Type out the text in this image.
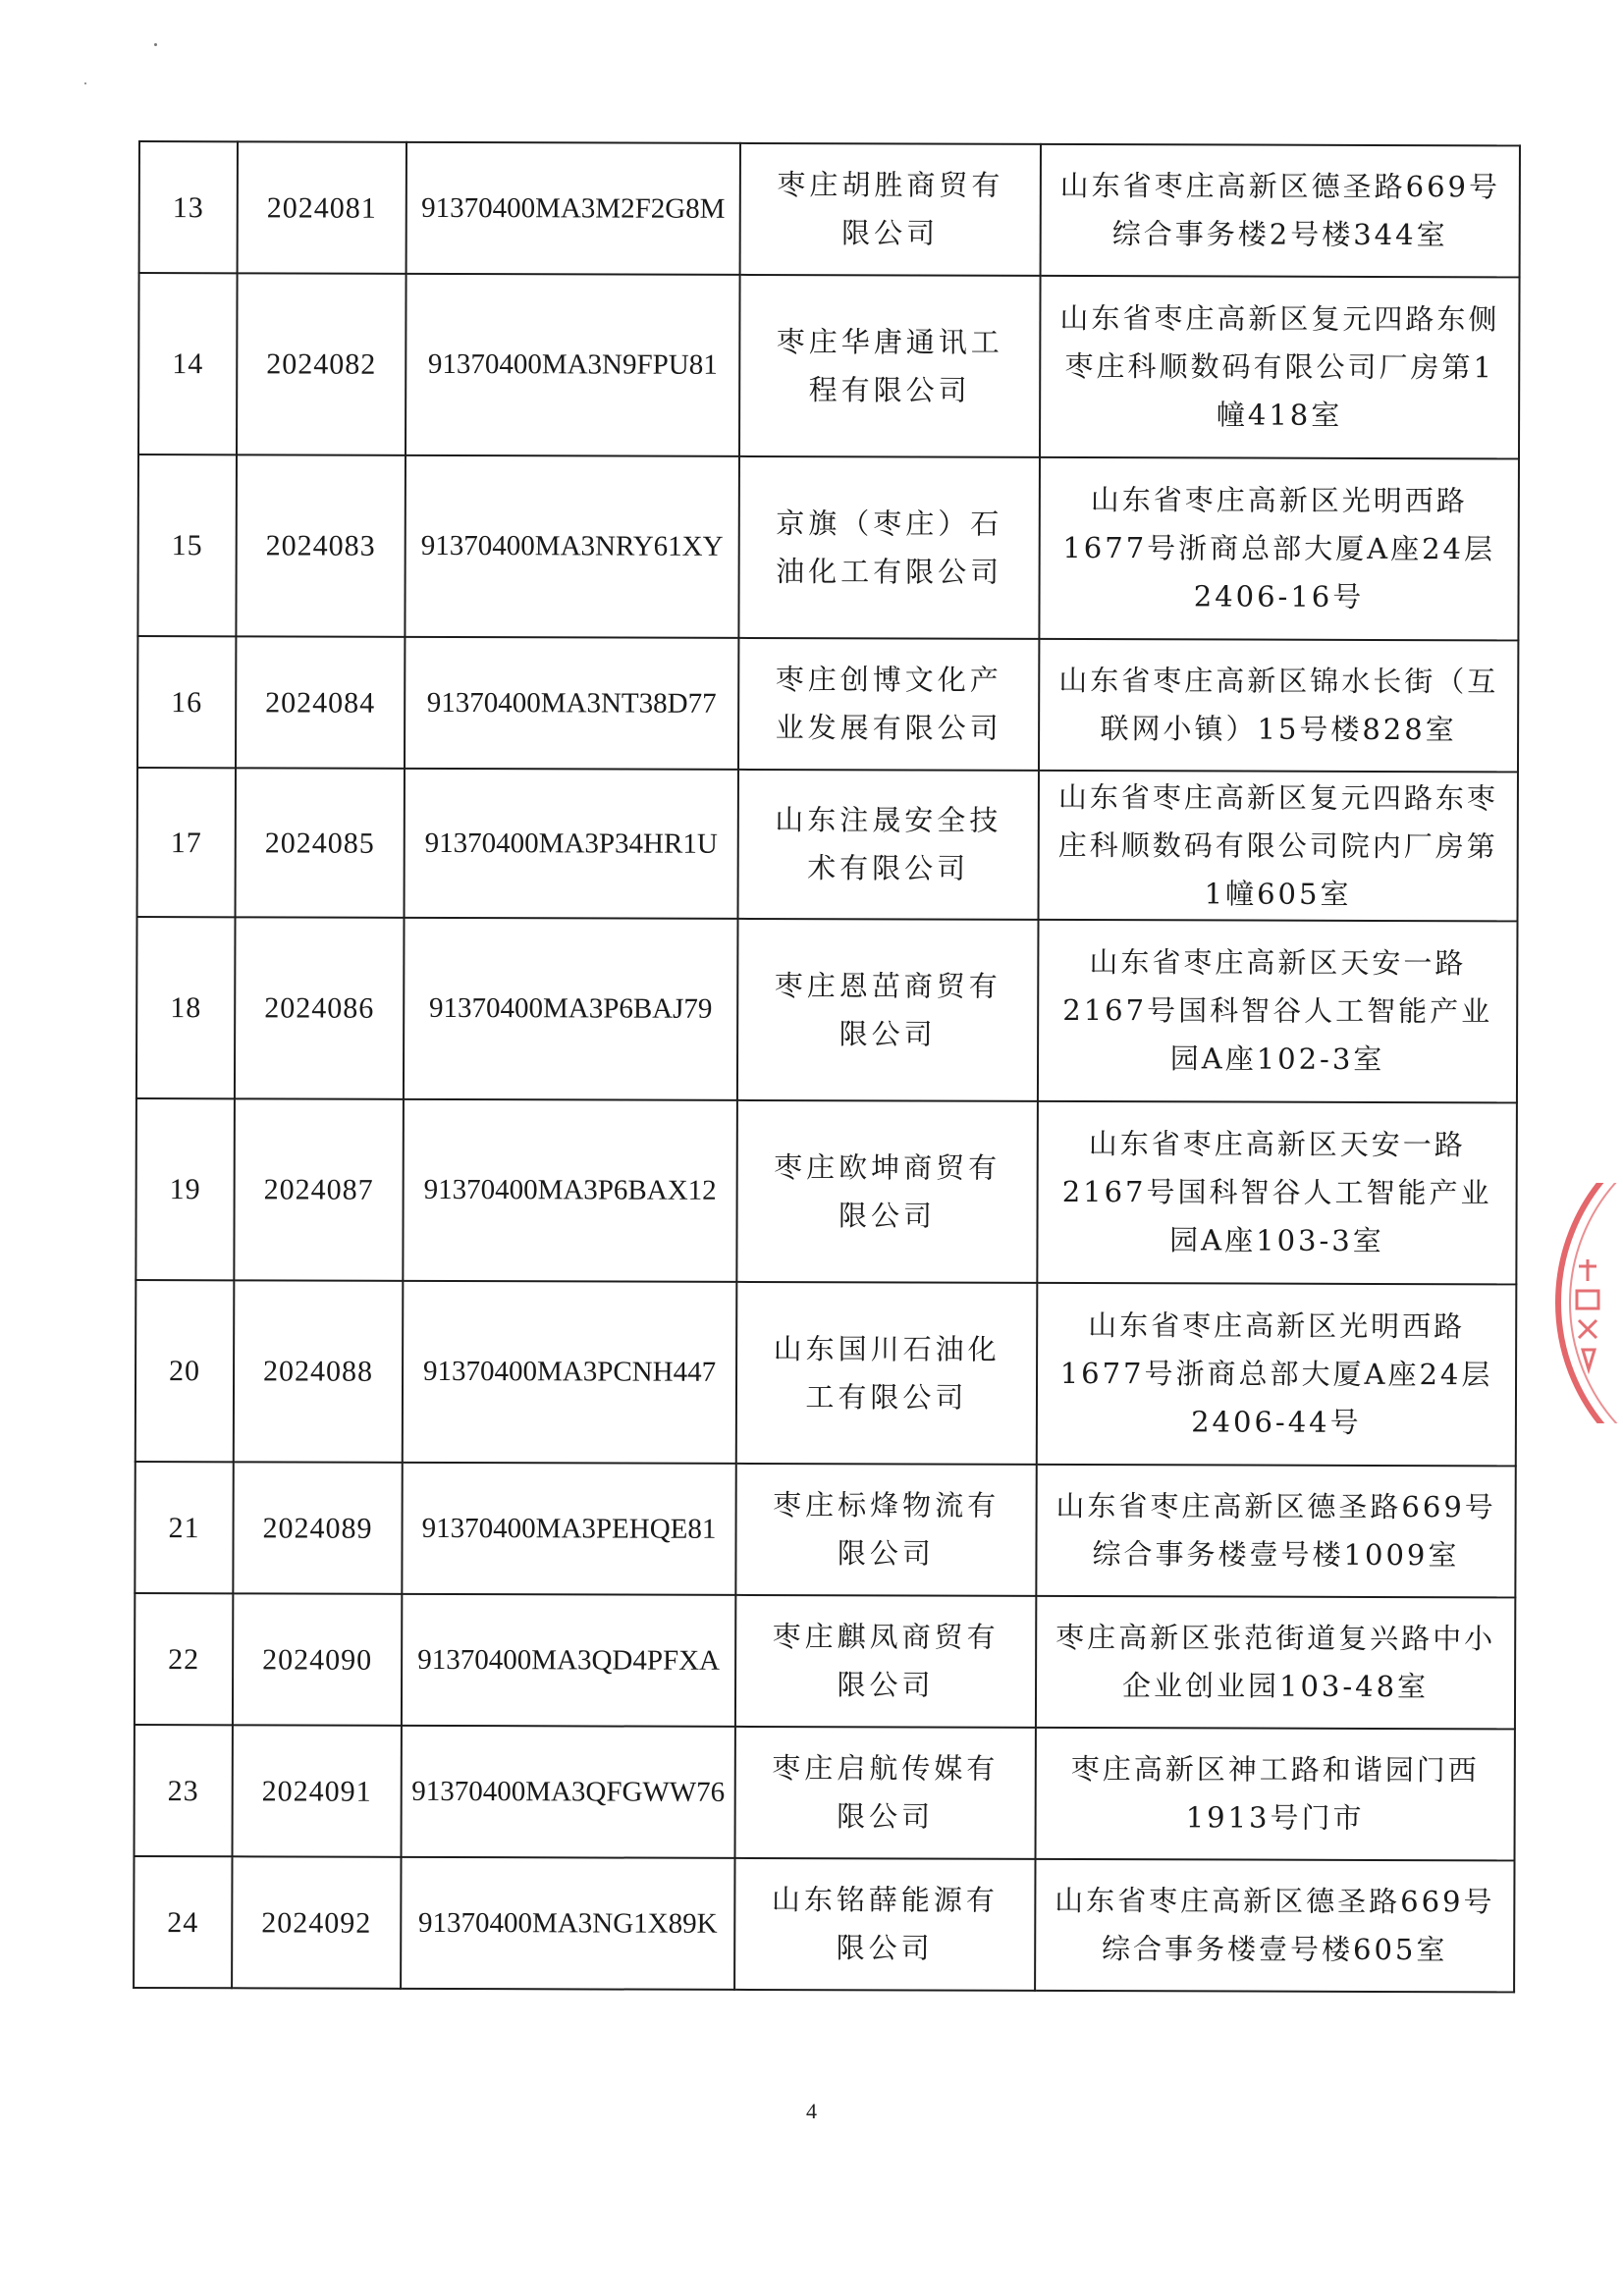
13	2024081	91370400MA3M2F2G8M	枣庄胡胜商贸有限公司	山东省枣庄高新区德圣路669号综合事务楼2号楼344室
14	2024082	91370400MA3N9FPU81	枣庄华唐通讯工程有限公司	山东省枣庄高新区复元四路东侧枣庄科顺数码有限公司厂房第1幢418室
15	2024083	91370400MA3NRY61XY	京旗（枣庄）石油化工有限公司	山东省枣庄高新区光明西路1677号浙商总部大厦A座24层2406-16号
16	2024084	91370400MA3NT38D77	枣庄创博文化产业发展有限公司	山东省枣庄高新区锦水长街（互联网小镇）15号楼828室
17	2024085	91370400MA3P34HR1U	山东注晟安全技术有限公司	山东省枣庄高新区复元四路东枣庄科顺数码有限公司院内厂房第1幢605室
18	2024086	91370400MA3P6BAJ79	枣庄恩茁商贸有限公司	山东省枣庄高新区天安一路2167号国科智谷人工智能产业园A座102-3室
19	2024087	91370400MA3P6BAX12	枣庄欧坤商贸有限公司	山东省枣庄高新区天安一路2167号国科智谷人工智能产业园A座103-3室
20	2024088	91370400MA3PCNH447	山东国川石油化工有限公司	山东省枣庄高新区光明西路1677号浙商总部大厦A座24层2406-44号
21	2024089	91370400MA3PEHQE81	枣庄标烽物流有限公司	山东省枣庄高新区德圣路669号综合事务楼壹号楼1009室
22	2024090	91370400MA3QD4PFXA	枣庄麒凤商贸有限公司	枣庄高新区张范街道复兴路中小企业创业园103-48室
23	2024091	91370400MA3QFGWW76	枣庄启航传媒有限公司	枣庄高新区神工路和谐园门西1913号门市
24	2024092	91370400MA3NG1X89K	山东铭薛能源有限公司	山东省枣庄高新区德圣路669号综合事务楼壹号楼605室
4
